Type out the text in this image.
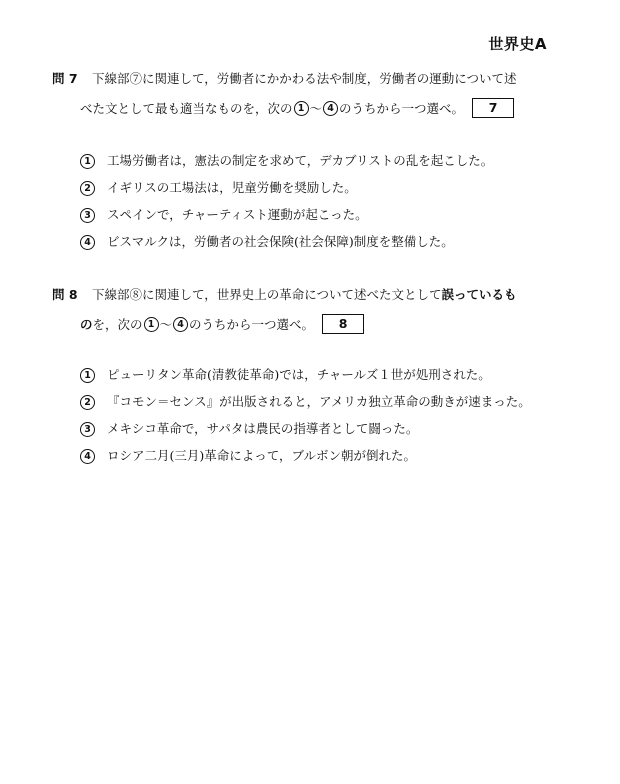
世界史A
問 7 下線部⑦に関連して，労働者にかかわる法や制度，労働者の運動について述
べた文として最も適当なものを，次の 1 ～ 4 のうちから一つ選べ。 7
1	工場労働者は，憲法の制定を求めて，デカブリストの乱を起こした。
2	イギリスの工場法は，児童労働を奨励した。
3	スペインで，チャーティスト運動が起こった。
4	ビスマルクは，労働者の社会保険(社会保障)制度を整備した。
問 8 下線部⑧に関連して，世界史上の革命について述べた文として誤っているも
のを，次の 1 ～ 4 のうちから一つ選べ。 8
1	ピューリタン革命(清教徒革命)では，チャールズ１世が処刑された。
2	『コモン＝センス』が出版されると，アメリカ独立革命の動きが速まった。
3	メキシコ革命で，サパタは農民の指導者として闘った。
4	ロシア二月(三月)革命によって，ブルボン朝が倒れた。
